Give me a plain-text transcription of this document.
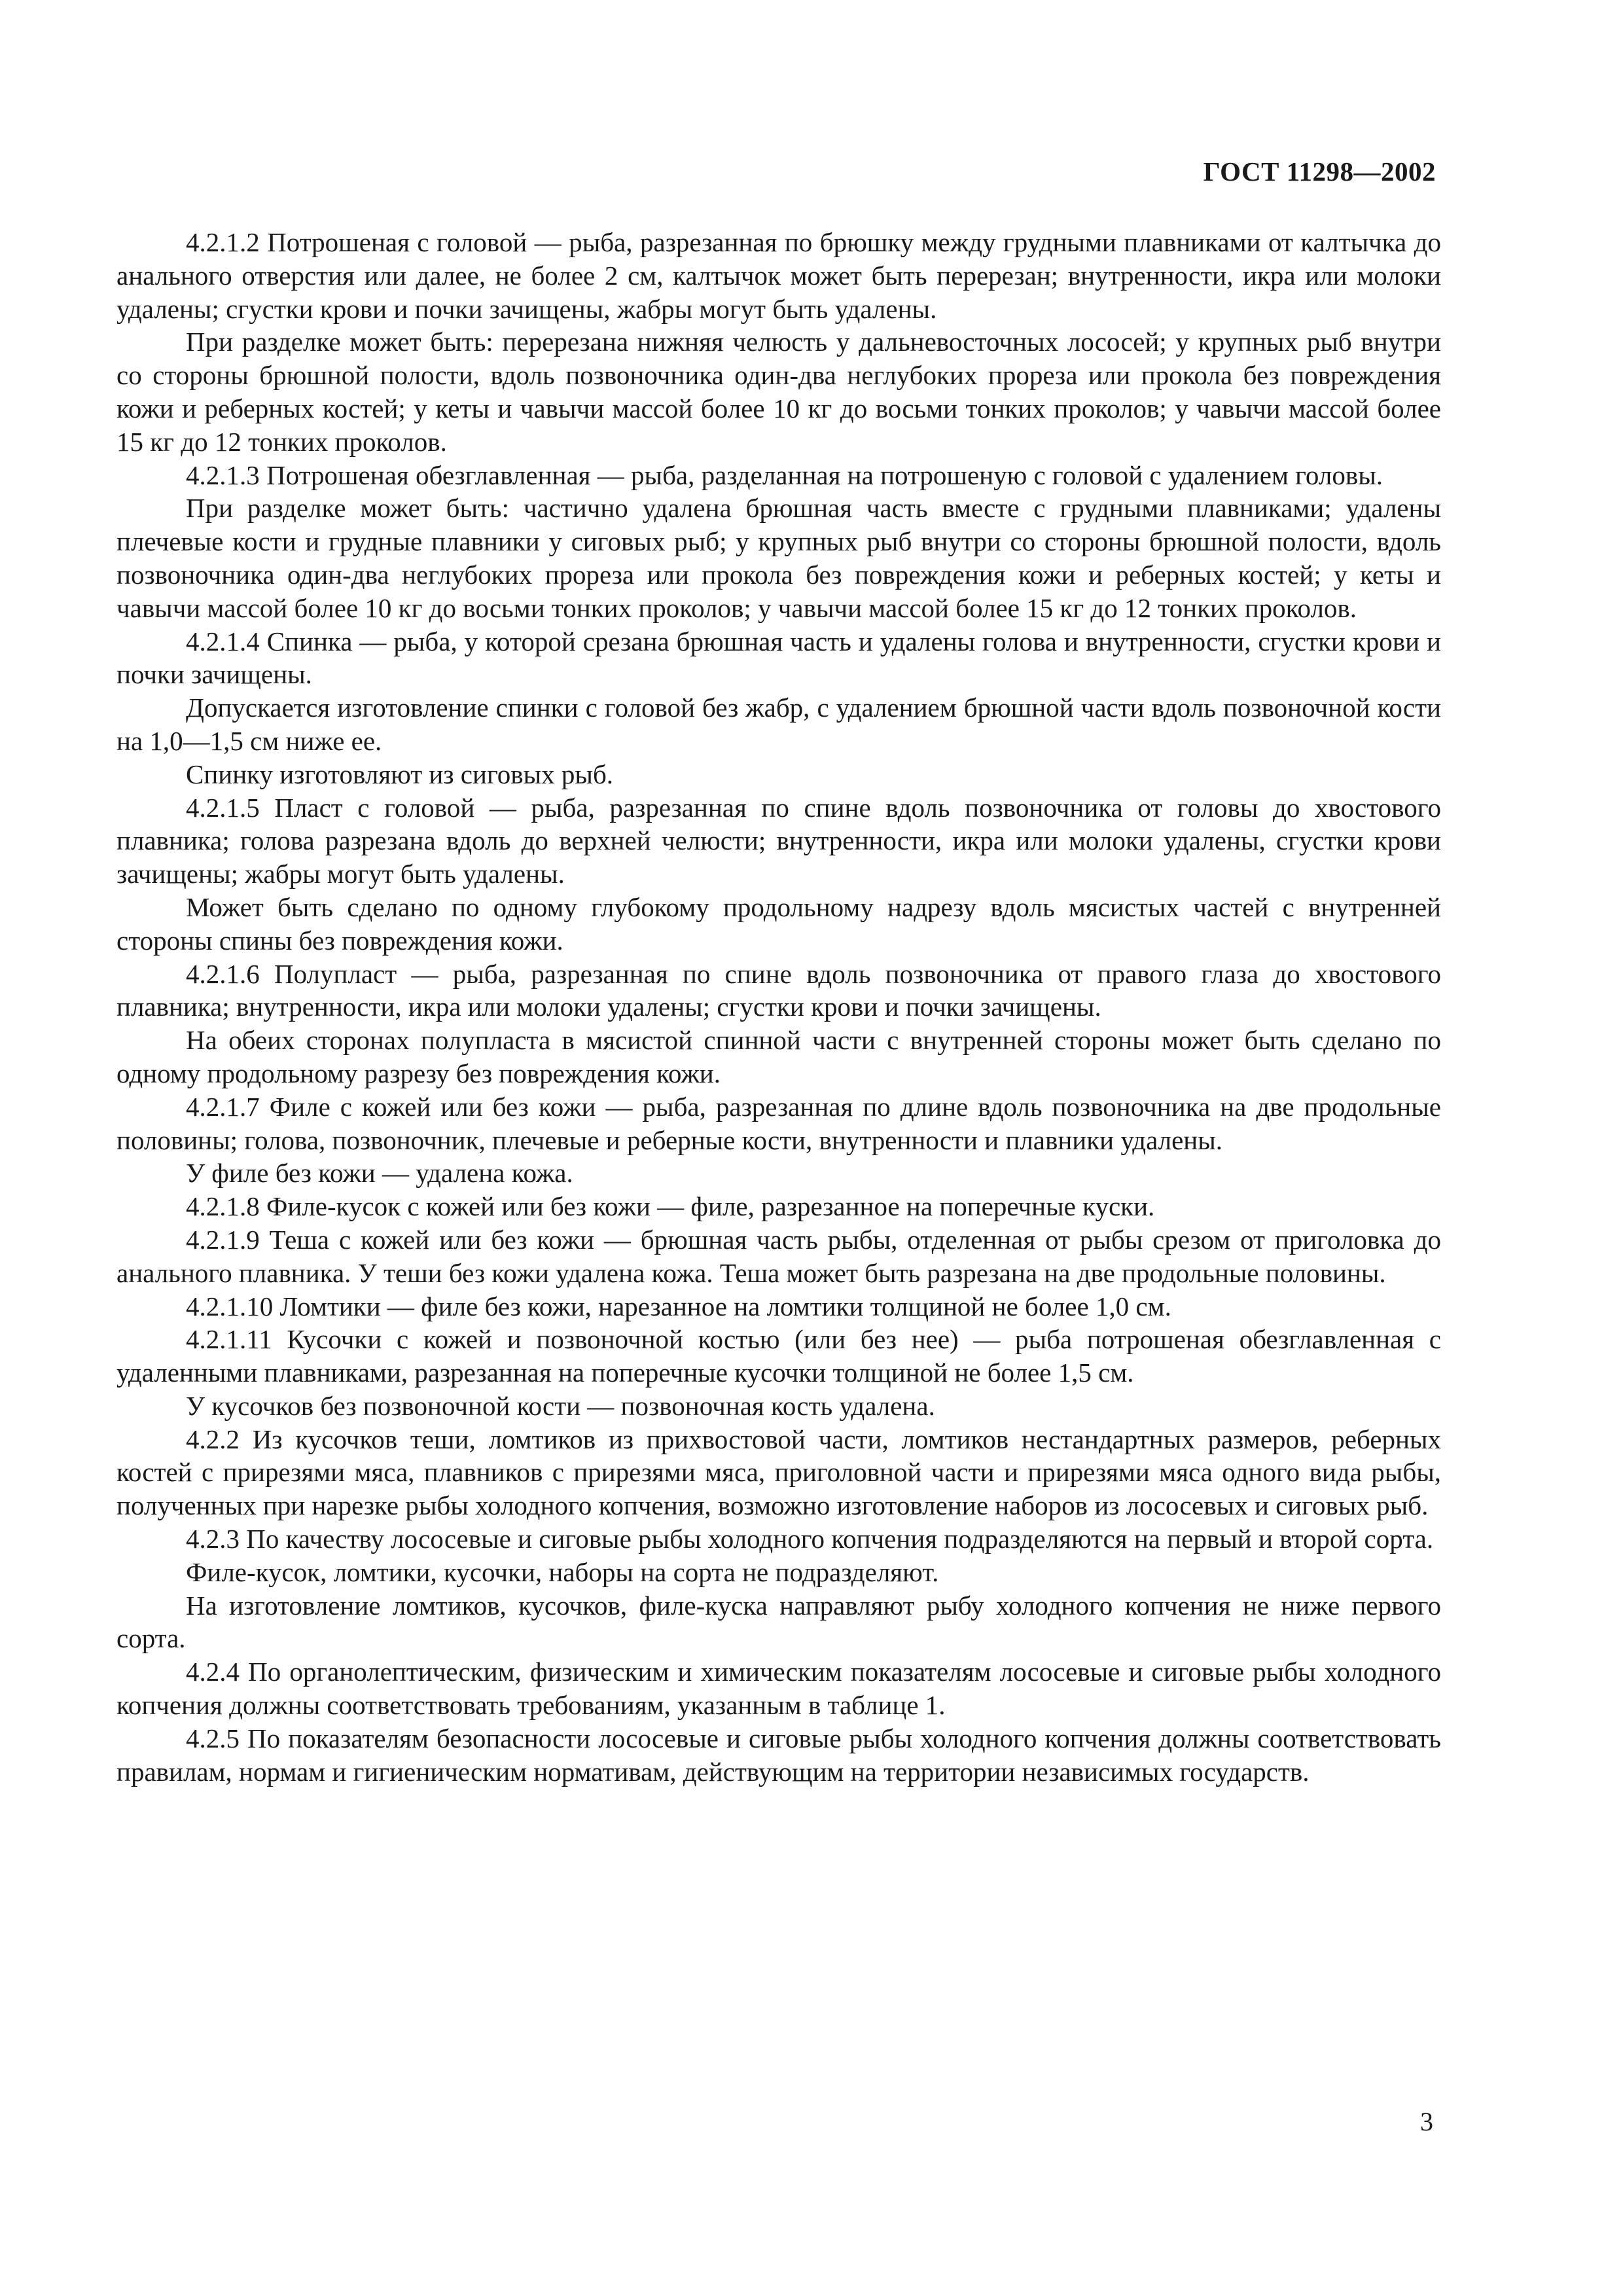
ГОСТ 11298—2002

4.2.1.2 Потрошеная с головой — рыба, разрезанная по брюшку между грудными плавниками от калтычка до анального отверстия или далее, не более 2 см, калтычок может быть перерезан; внутренности, икра или молоки удалены; сгустки крови и почки зачищены, жабры могут быть удалены.

При разделке может быть: перерезана нижняя челюсть у дальневосточных лососей; у крупных рыб внутри со стороны брюшной полости, вдоль позвоночника один-два неглубоких прореза или прокола без повреждения кожи и реберных костей; у кеты и чавычи массой более 10 кг до восьми тонких проколов; у чавычи массой более 15 кг до 12 тонких проколов.

4.2.1.3 Потрошеная обезглавленная — рыба, разделанная на потрошеную с головой с удалением головы.

При разделке может быть: частично удалена брюшная часть вместе с грудными плавниками; удалены плечевые кости и грудные плавники у сиговых рыб; у крупных рыб внутри со стороны брюшной полости, вдоль позвоночника один-два неглубоких прореза или прокола без повреждения кожи и реберных костей; у кеты и чавычи массой более 10 кг до восьми тонких проколов; у чавычи массой более 15 кг до 12 тонких проколов.

4.2.1.4 Спинка — рыба, у которой срезана брюшная часть и удалены голова и внутренности, сгустки крови и почки зачищены.

Допускается изготовление спинки с головой без жабр, с удалением брюшной части вдоль позвоночной кости на 1,0—1,5 см ниже ее.

Спинку изготовляют из сиговых рыб.

4.2.1.5 Пласт с головой — рыба, разрезанная по спине вдоль позвоночника от головы до хвостового плавника; голова разрезана вдоль до верхней челюсти; внутренности, икра или молоки удалены, сгустки крови зачищены; жабры могут быть удалены.

Может быть сделано по одному глубокому продольному надрезу вдоль мясистых частей с внутренней стороны спины без повреждения кожи.

4.2.1.6 Полупласт — рыба, разрезанная по спине вдоль позвоночника от правого глаза до хвостового плавника; внутренности, икра или молоки удалены; сгустки крови и почки зачищены.

На обеих сторонах полупласта в мясистой спинной части с внутренней стороны может быть сделано по одному продольному разрезу без повреждения кожи.

4.2.1.7 Филе с кожей или без кожи — рыба, разрезанная по длине вдоль позвоночника на две продольные половины; голова, позвоночник, плечевые и реберные кости, внутренности и плавники удалены.

У филе без кожи — удалена кожа.

4.2.1.8 Филе-кусок с кожей или без кожи — филе, разрезанное на поперечные куски.

4.2.1.9 Теша с кожей или без кожи — брюшная часть рыбы, отделенная от рыбы срезом от приголовка до анального плавника. У теши без кожи удалена кожа. Теша может быть разрезана на две продольные половины.

4.2.1.10 Ломтики — филе без кожи, нарезанное на ломтики толщиной не более 1,0 см.

4.2.1.11 Кусочки с кожей и позвоночной костью (или без нее) — рыба потрошеная обезглавленная с удаленными плавниками, разрезанная на поперечные кусочки толщиной не более 1,5 см.

У кусочков без позвоночной кости — позвоночная кость удалена.

4.2.2 Из кусочков теши, ломтиков из прихвостовой части, ломтиков нестандартных размеров, реберных костей с прирезями мяса, плавников с прирезями мяса, приголовной части и прирезями мяса одного вида рыбы, полученных при нарезке рыбы холодного копчения, возможно изготовление наборов из лососевых и сиговых рыб.

4.2.3 По качеству лососевые и сиговые рыбы холодного копчения подразделяются на первый и второй сорта.

Филе-кусок, ломтики, кусочки, наборы на сорта не подразделяют.

На изготовление ломтиков, кусочков, филе-куска направляют рыбу холодного копчения не ниже первого сорта.

4.2.4 По органолептическим, физическим и химическим показателям лососевые и сиговые рыбы холодного копчения должны соответствовать требованиям, указанным в таблице 1.

4.2.5 По показателям безопасности лососевые и сиговые рыбы холодного копчения должны соответствовать правилам, нормам и гигиеническим нормативам, действующим на территории независимых государств.

3
